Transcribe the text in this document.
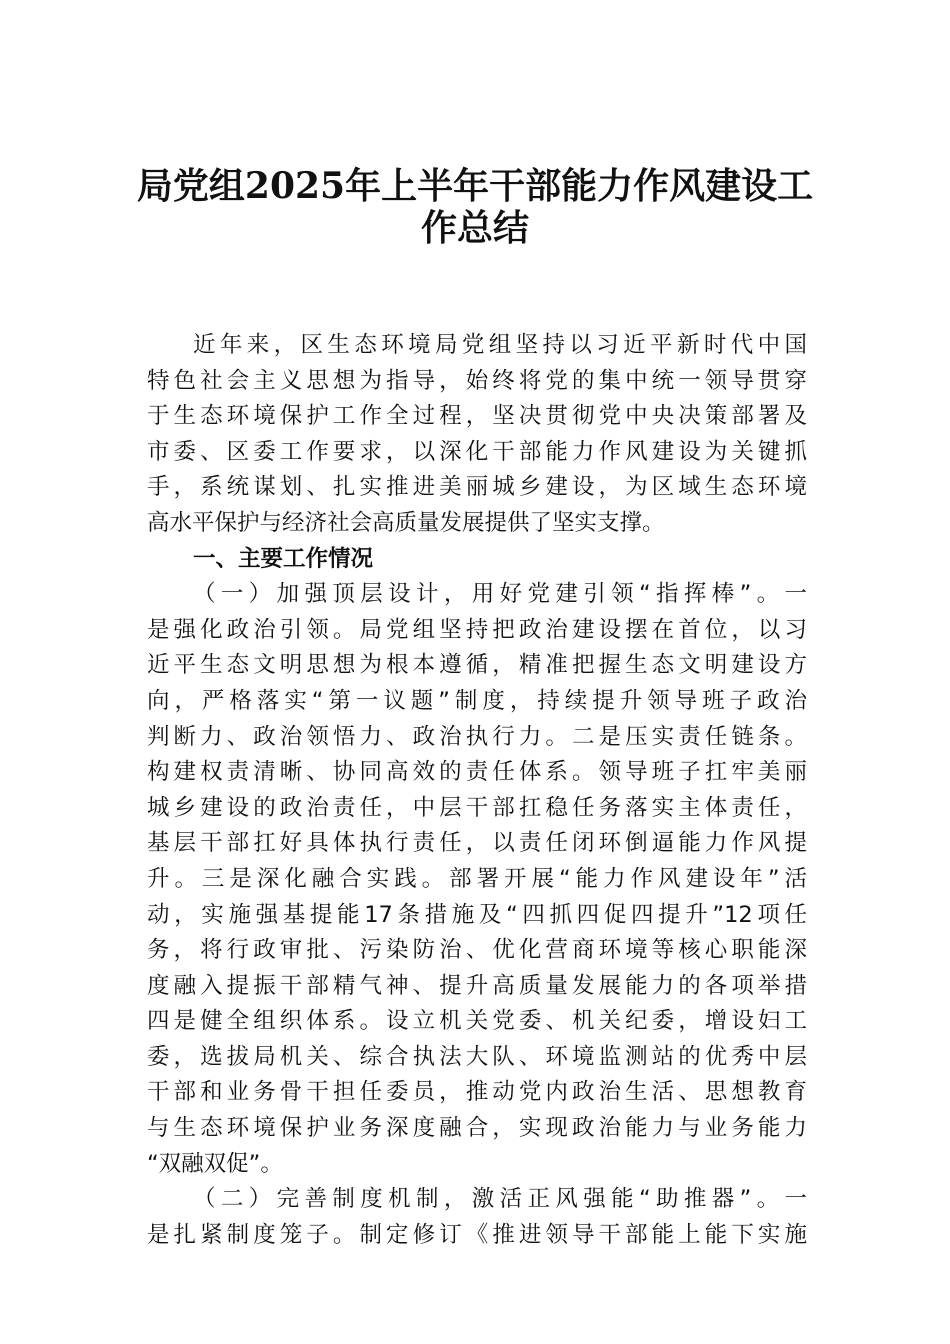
局党组2025年上半年干部能力作风建设工
作总结
近年来，区生态环境局党组坚持以习近平新时代中国
特色社会主义思想为指导，始终将党的集中统一领导贯穿
于生态环境保护工作全过程，坚决贯彻党中央决策部署及
市委、区委工作要求，以深化干部能力作风建设为关键抓
手，系统谋划、扎实推进美丽城乡建设，为区域生态环境
高水平保护与经济社会高质量发展提供了坚实支撑。
一、主要工作情况
（一）加强顶层设计，用好党建引领“指挥棒”。一
是强化政治引领。局党组坚持把政治建设摆在首位，以习
近平生态文明思想为根本遵循，精准把握生态文明建设方
向，严格落实“第一议题”制度，持续提升领导班子政治
判断力、政治领悟力、政治执行力。二是压实责任链条。
构建权责清晰、协同高效的责任体系。领导班子扛牢美丽
城乡建设的政治责任，中层干部扛稳任务落实主体责任，
基层干部扛好具体执行责任，以责任闭环倒逼能力作风提
升。三是深化融合实践。部署开展“能力作风建设年”活
动，实施强基提能17条措施及“四抓四促四提升”12项任
务，将行政审批、污染防治、优化营商环境等核心职能深
度融入提振干部精气神、提升高质量发展能力的各项举措
四是健全组织体系。设立机关党委、机关纪委，增设妇工
委，选拔局机关、综合执法大队、环境监测站的优秀中层
干部和业务骨干担任委员，推动党内政治生活、思想教育
与生态环境保护业务深度融合，实现政治能力与业务能力
“双融双促”。
（二）完善制度机制，激活正风强能“助推器”。一
是扎紧制度笼子。制定修订《推进领导干部能上能下实施
